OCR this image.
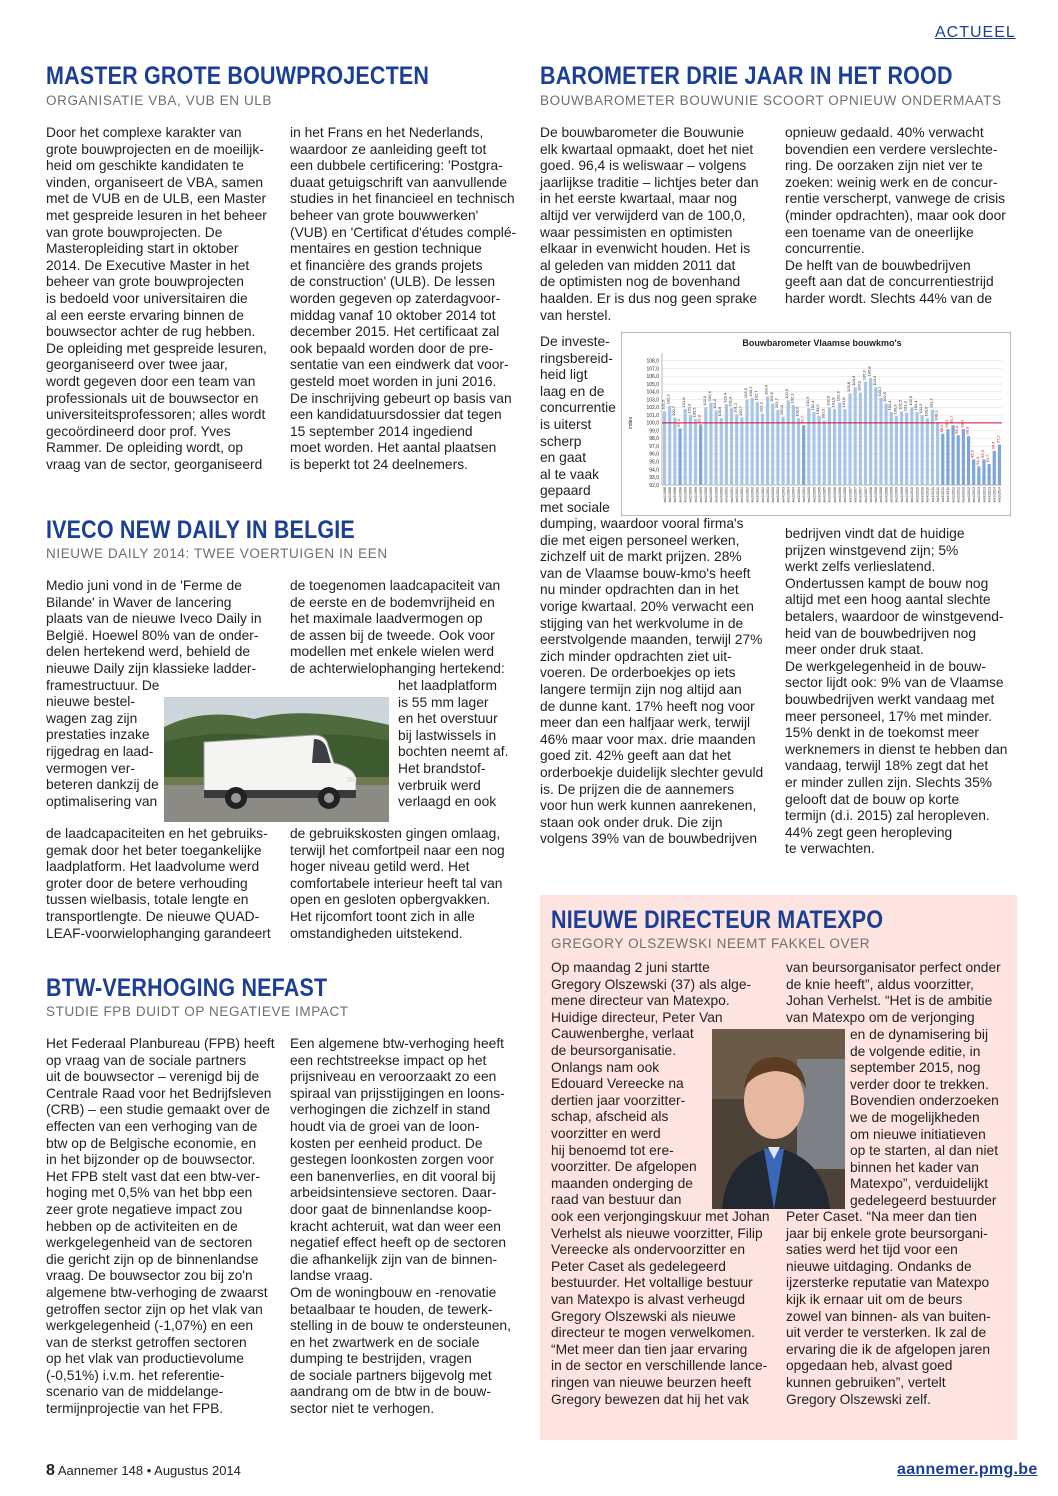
ACTUEEL
MASTER GROTE BOUWPROJECTEN
ORGANISATIE VBA, VUB EN ULB
Door het complexe karakter van
grote bouwprojecten en de moeilijk-
heid om geschikte kandidaten te
vinden, organiseert de VBA, samen
met de VUB en de ULB, een Master
met gespreide lesuren in het beheer
van grote bouwprojecten. De
Masteropleiding start in oktober
2014. De Executive Master in het
beheer van grote bouwprojecten
is bedoeld voor universitairen die
al een eerste ervaring binnen de
bouwsector achter de rug hebben.
De opleiding met gespreide lesuren,
georganiseerd over twee jaar,
wordt gegeven door een team van
professionals uit de bouwsector en
universiteitsprofessoren; alles wordt
gecoördineerd door prof. Yves
Rammer. De opleiding wordt, op
vraag van de sector, georganiseerd
in het Frans en het Nederlands,
waardoor ze aanleiding geeft tot
een dubbele certificering: 'Postgra-
duaat getuigschrift van aanvullende
studies in het financieel en technisch
beheer van grote bouwwerken'
(VUB) en 'Certificat d'études complé-
mentaires en gestion technique
et financière des grands projets
de construction' (ULB). De lessen
worden gegeven op zaterdagvoor-
middag vanaf 10 oktober 2014 tot
december 2015. Het certificaat zal
ook bepaald worden door de pre-
sentatie van een eindwerk dat voor-
gesteld moet worden in juni 2016.
De inschrijving gebeurt op basis van
een kandidatuursdossier dat tegen
15 september 2014 ingediend
moet worden. Het aantal plaatsen
is beperkt tot 24 deelnemers.
IVECO NEW DAILY IN BELGIE
NIEUWE DAILY 2014: TWEE VOERTUIGEN IN EEN
Medio juni vond in de 'Ferme de
Bilande' in Waver de lancering
plaats van de nieuwe Iveco Daily in
België. Hoewel 80% van de onder-
delen hertekend werd, behield de
nieuwe Daily zijn klassieke ladder-
framestructuur. De
nieuwe bestel-
wagen zag zijn
prestaties inzake
rijgedrag en laad-
vermogen ver-
beteren dankzij de
optimalisering van
de laadcapaciteiten en het gebruiks-
gemak door het beter toegankelijke
laadplatform. Het laadvolume werd
groter door de betere verhouding
tussen wielbasis, totale lengte en
transportlengte. De nieuwe QUAD-
LEAF-voorwielophanging garandeert
de toegenomen laadcapaciteit van
de eerste en de bodemvrijheid en
het maximale laadvermogen op
de assen bij de tweede. Ook voor
modellen met enkele wielen werd
de achterwielophanging hertekend:
het laadplatform
is 55 mm lager
en het overstuur
bij lastwissels in
bochten neemt af.
Het brandstof-
verbruik werd
verlaagd en ook
de gebruikskosten gingen omlaag,
terwijl het comfortpeil naar een nog
hoger niveau getild werd. Het
comfortabele interieur heeft tal van
open en gesloten opbergvakken.
Het rijcomfort toont zich in alle
omstandigheden uitstekend.
BTW-VERHOGING NEFAST
STUDIE FPB DUIDT OP NEGATIEVE IMPACT
Het Federaal Planbureau (FPB) heeft
op vraag van de sociale partners
uit de bouwsector – verenigd bij de
Centrale Raad voor het Bedrijfsleven
(CRB) – een studie gemaakt over de
effecten van een verhoging van de
btw op de Belgische economie, en
in het bijzonder op de bouwsector.
Het FPB stelt vast dat een btw-ver-
hoging met 0,5% van het bbp een
zeer grote negatieve impact zou
hebben op de activiteiten en de
werkgelegenheid van de sectoren
die gericht zijn op de binnenlandse
vraag. De bouwsector zou bij zo'n
algemene btw-verhoging de zwaarst
getroffen sector zijn op het vlak van
werkgelegenheid (-1,07%) en een
van de sterkst getroffen sectoren
op het vlak van productievolume
(-0,51%) i.v.m. het referentie-
scenario van de middelange-
termijnprojectie van het FPB.
Een algemene btw-verhoging heeft
een rechtstreekse impact op het
prijsniveau en veroorzaakt zo een
spiraal van prijsstijgingen en loons-
verhogingen die zichzelf in stand
houdt via de groei van de loon-
kosten per eenheid product. De
gestegen loonkosten zorgen voor
een banenverlies, en dit vooral bij
arbeidsintensieve sectoren. Daar-
door gaat de binnenlandse koop-
kracht achteruit, wat dan weer een
negatief effect heeft op de sectoren
die afhankelijk zijn van de binnen-
landse vraag.
Om de woningbouw en -renovatie
betaalbaar te houden, de tewerk-
stelling in de bouw te ondersteunen,
en het zwartwerk en de sociale
dumping te bestrijden, vragen
de sociale partners bijgevolg met
aandrang om de btw in de bouw-
sector niet te verhogen.
BAROMETER DRIE JAAR IN HET ROOD
BOUWBAROMETER BOUWUNIE SCOORT OPNIEUW ONDERMAATS
De bouwbarometer die Bouwunie
elk kwartaal opmaakt, doet het niet
goed. 96,4 is weliswaar – volgens
jaarlijkse traditie – lichtjes beter dan
in het eerste kwartaal, maar nog
altijd ver verwijderd van de 100,0,
waar pessimisten en optimisten
elkaar in evenwicht houden. Het is
al geleden van midden 2011 dat
de optimisten nog de bovenhand
haalden. Er is dus nog geen sprake
van herstel.
De investe-
ringsbereid-
heid ligt
laag en de
concurrentie
is uiterst
scherp
en gaat
al te vaak
gepaard
met sociale
dumping, waardoor vooral firma's
die met eigen personeel werken,
zichzelf uit de markt prijzen. 28%
van de Vlaamse bouw-kmo's heeft
nu minder opdrachten dan in het
vorige kwartaal. 20% verwacht een
stijging van het werkvolume in de
eerstvolgende maanden, terwijl 27%
zich minder opdrachten ziet uit-
voeren. De orderboekjes op iets
langere termijn zijn nog altijd aan
de dunne kant. 17% heeft nog voor
meer dan een halfjaar werk, terwijl
46% maar voor max. drie maanden
goed zit. 42% geeft aan dat het
orderboekje duidelijk slechter gevuld
is. De prijzen die de aannemers
voor hun werk kunnen aanrekenen,
staan ook onder druk. Die zijn
volgens 39% van de bouwbedrijven
opnieuw gedaald. 40% verwacht
bovendien een verdere verslechte-
ring. De oorzaken zijn niet ver te
zoeken: weinig werk en de concur-
rentie verscherpt, vanwege de crisis
(minder opdrachten), maar ook door
een toename van de oneerlijke
concurrentie.
De helft van de bouwbedrijven
geeft aan dat de concurrentiestrijd
harder wordt. Slechts 44% van de
bedrijven vindt dat de huidige
prijzen winstgevend zijn; 5%
werkt zelfs verlieslatend.
Ondertussen kampt de bouw nog
altijd met een hoog aantal slechte
betalers, waardoor de winstgevend-
heid van de bouwbedrijven nog
meer onder druk staat.
De werkgelegenheid in de bouw-
sector lijdt ook: 9% van de Vlaamse
bouwbedrijven werkt vandaag met
meer personeel, 17% met minder.
15% denkt in de toekomst meer
werknemers in dienst te hebben dan
vandaag, terwijl 18% zegt dat het
er minder zullen zijn. Slechts 35%
gelooft dat de bouw op korte
termijn (d.i. 2015) zal heropleven.
44% zegt geen heropleving
te verwachten.
Bouwbarometer Vlaamse bouwkmo's
index
108,0
107,0
106,0
105,0
104,0
103,0
102,0
101,0
100,0
99,0
98,0
97,0
96,0
95,0
94,0
93,0
92,0
kw1/1998 kw2/1998 kw3/1998 kw4/1998 kw1/1999 kw2/1999 kw3/1999 kw4/1999 kw1/2000 kw2/2000 kw3/2000 kw4/2000 kw1/2001 kw2/2001 kw3/2001 kw4/2001 kw1/2002 kw2/2002 kw3/2002 kw4/2002 kw1/2003 kw2/2003 kw3/2003 kw4/2003 kw1/2004 kw2/2004 kw3/2004 kw4/2004 kw1/2005 kw2/2005 kw3/2005 kw4/2005 kw1/2006 kw2/2006 kw3/2006 kw4/2006 kw1/2007 kw2/2007 kw3/2007 kw4/2007 kw1/2008 kw2/2008 kw3/2008 kw4/2008 kw1/2009 kw2/2009 kw3/2009 kw4/2009 kw1/2010 kw2/2010 kw3/2010 kw4/2010 kw1/2011 kw2/2011 kw3/2011 kw4/2011 kw1/2012 kw2/2012 kw3/2012 kw4/2012 kw1/2013 kw2/2013 kw3/2013 kw4/2013 kw1/2014 kw2/2014
101,5
102,2
100,7
99,3
101,8
101,0 100,5
99,8
102,0 102,6
101,6
100,6
102,4 101,9
101,1 100,7
103,0 103,2 102,7
101,2
103,4
102,5
101,7
100,8
102,9 102,3
100,6
99,7
101,9 101,4 100,9 100,3
102,0 101,8
102,6
101,8
103,8
104,6
103,9
105,3 105,8
104,6
103,2
102,5
101,4 100,9 101,5 101,3
102,0 101,4 101,0 100,6
101,7
100,1
98,6
99,2 99,7
98,4
99,2
98,3
95,3
94,4
95,3
94,7
96,4
97,2
NIEUWE DIRECTEUR MATEXPO
GREGORY OLSZEWSKI NEEMT FAKKEL OVER
Op maandag 2 juni startte
Gregory Olszewski (37) als alge-
mene directeur van Matexpo.
Huidige directeur, Peter Van
Cauwenberghe, verlaat
de beursorganisatie.
Onlangs nam ook
Edouard Vereecke na
dertien jaar voorzitter-
schap, afscheid als
voorzitter en werd
hij benoemd tot ere-
voorzitter. De afgelopen
maanden onderging de
raad van bestuur dan
ook een verjongingskuur met Johan
Verhelst als nieuwe voorzitter, Filip
Vereecke als ondervoorzitter en
Peter Caset als gedelegeerd
bestuurder. Het voltallige bestuur
van Matexpo is alvast verheugd
Gregory Olszewski als nieuwe
directeur te mogen verwelkomen.
“Met meer dan tien jaar ervaring
in de sector en verschillende lance-
ringen van nieuwe beurzen heeft
Gregory bewezen dat hij het vak
van beursorganisator perfect onder
de knie heeft”, aldus voorzitter,
Johan Verhelst. “Het is de ambitie
van Matexpo om de verjonging
en de dynamisering bij
de volgende editie, in
september 2015, nog
verder door te trekken.
Bovendien onderzoeken
we de mogelijkheden
om nieuwe initiatieven
op te starten, al dan niet
binnen het kader van
Matexpo”, verduidelijkt
gedelegeerd bestuurder
Peter Caset. “Na meer dan tien
jaar bij enkele grote beursorgani-
saties werd het tijd voor een
nieuwe uitdaging. Ondanks de
ijzersterke reputatie van Matexpo
kijk ik ernaar uit om de beurs
zowel van binnen- als van buiten-
uit verder te versterken. Ik zal de
ervaring die ik de afgelopen jaren
opgedaan heb, alvast goed
kunnen gebruiken”, vertelt
Gregory Olszewski zelf.
8 Aannemer 148 • Augustus 2014	aannemer.pmg.be
